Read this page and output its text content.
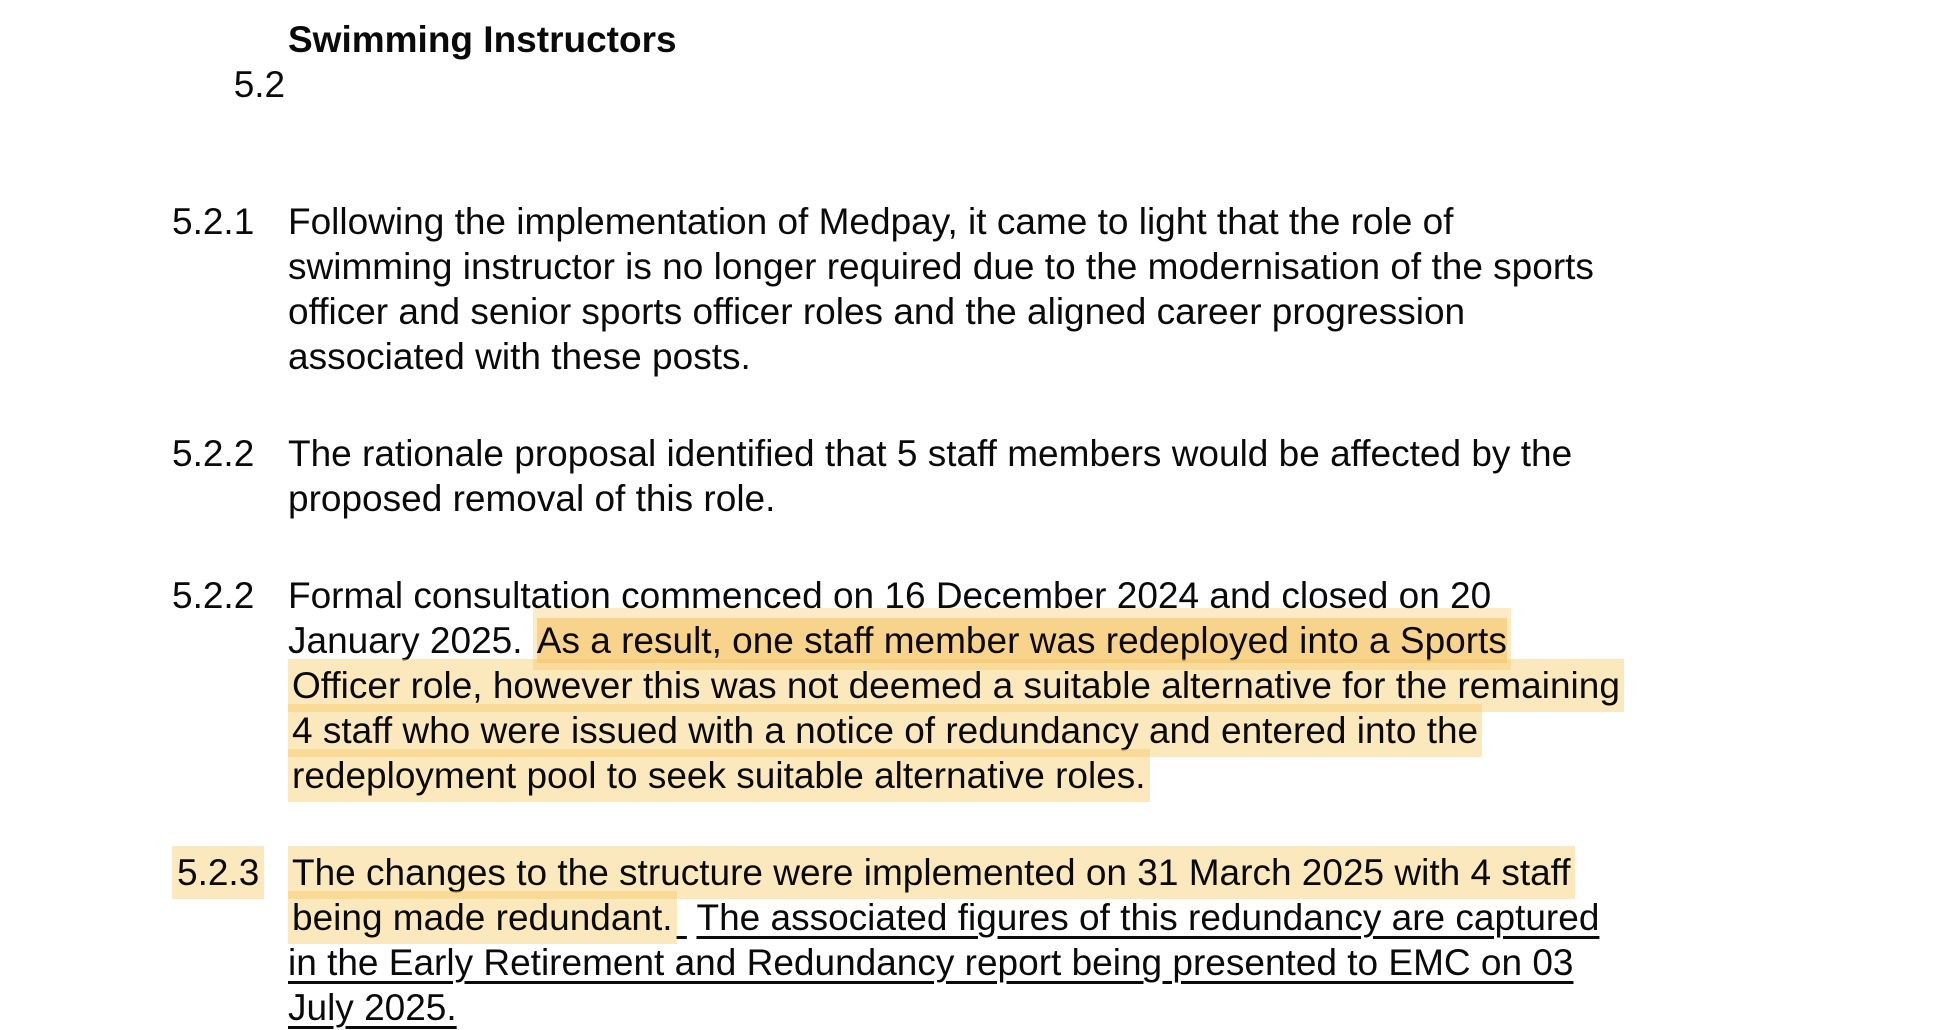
5.2

Swimming Instructors
5.2.1 Following the implementation of Medpay, it came to light that the role of
swimming instructor is no longer required due to the modernisation of the sports
officer and senior sports officer roles and the aligned career progression
associated with these posts.
5.2.2 The rationale proposal identified that 5 staff members would be affected by the
proposed removal of this role.
5.2.2 Formal consultation commenced on 16 December 2024 and closed on 20
January 2025. As a result, one staff member was redeployed into a Sports
Officer role, however this was not deemed a suitable alternative for the remaining
4 staff who were issued with a notice of redundancy and entered into the
redeployment pool to seek suitable alternative roles.
5.2.3 The changes to the structure were implemented on 31 March 2025 with 4 staff
being made redundant. The associated figures of this redundancy are captured
in the Early Retirement and Redundancy report being presented to EMC on 03
July 2025.
